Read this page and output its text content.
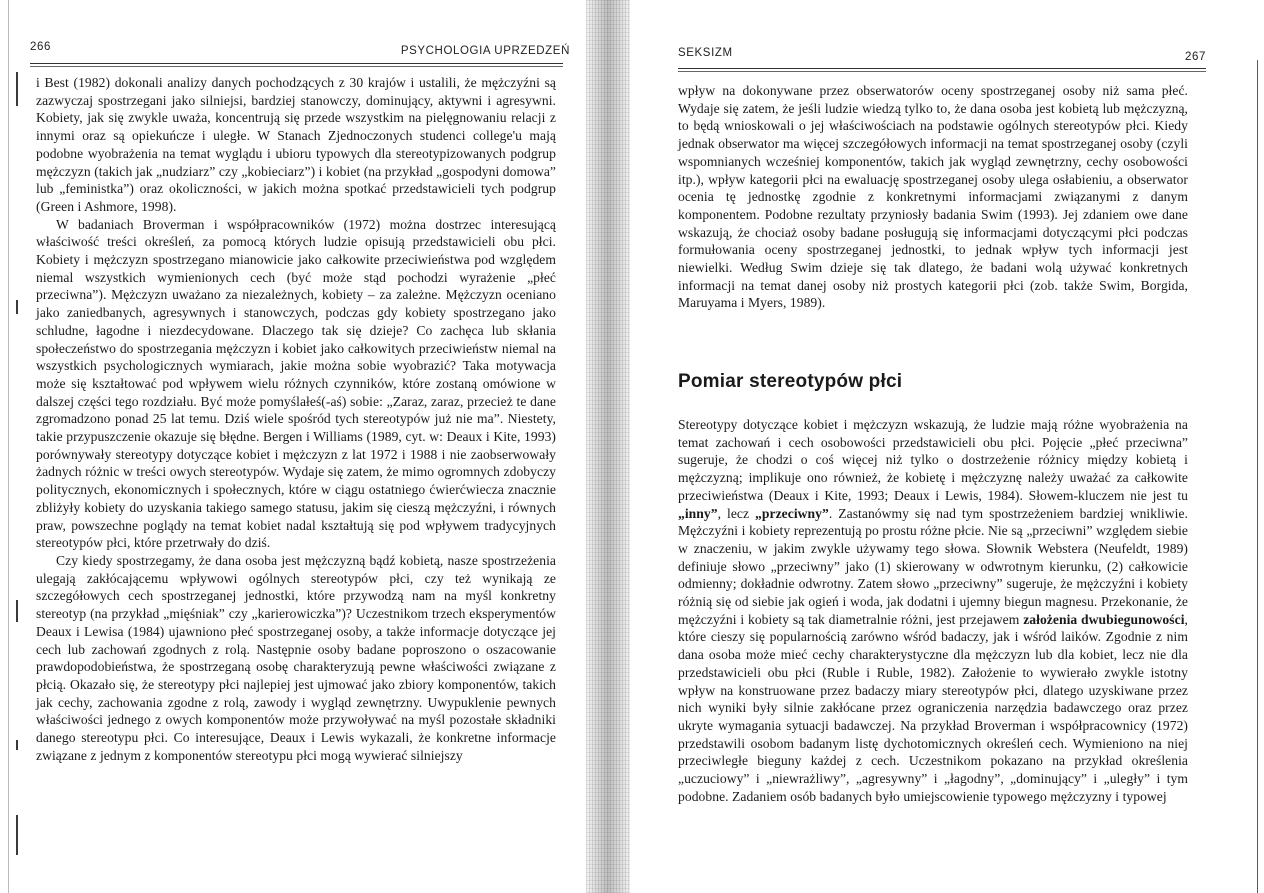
266	PSYCHOLOGIA UPRZEDZEŃ

i Best (1982) dokonali analizy danych pochodzących z 30 krajów i ustalili, że mężczyźni są zazwyczaj spostrzegani jako silniejsi, bardziej stanowczy, dominujący, aktywni i agresywni. Kobiety, jak się zwykle uważa, koncentrują się przede wszystkim na pielęgnowaniu relacji z innymi oraz są opiekuńcze i uległe. W Stanach Zjednoczonych studenci college'u mają podobne wyobrażenia na temat wyglądu i ubioru typowych dla stereotypizowanych podgrup mężczyzn (takich jak „nudziarz” czy „kobieciarz”) i kobiet (na przykład „gospodyni domowa” lub „feministka”) oraz okoliczności, w jakich można spotkać przedstawicieli tych podgrup (Green i Ashmore, 1998).

W badaniach Broverman i współpracowników (1972) można dostrzec interesującą właściwość treści określeń, za pomocą których ludzie opisują przedstawicieli obu płci. Kobiety i mężczyzn spostrzegano mianowicie jako całkowite przeciwieństwa pod względem niemal wszystkich wymienionych cech (być może stąd pochodzi wyrażenie „płeć przeciwna”). Mężczyzn uważano za niezależnych, kobiety – za zależne. Mężczyzn oceniano jako zaniedbanych, agresywnych i stanowczych, podczas gdy kobiety spostrzegano jako schludne, łagodne i niezdecydowane. Dlaczego tak się dzieje? Co zachęca lub skłania społeczeństwo do spostrzegania mężczyzn i kobiet jako całkowitych przeciwieństw niemal na wszystkich psychologicznych wymiarach, jakie można sobie wyobrazić? Taka motywacja może się kształtować pod wpływem wielu różnych czynników, które zostaną omówione w dalszej części tego rozdziału. Być może pomyślałeś(-aś) sobie: „Zaraz, zaraz, przecież te dane zgromadzono ponad 25 lat temu. Dziś wiele spośród tych stereotypów już nie ma”. Niestety, takie przypuszczenie okazuje się błędne. Bergen i Williams (1989, cyt. w: Deaux i Kite, 1993) porównywały stereotypy dotyczące kobiet i mężczyzn z lat 1972 i 1988 i nie zaobserwowały żadnych różnic w treści owych stereotypów. Wydaje się zatem, że mimo ogromnych zdobyczy politycznych, ekonomicznych i społecznych, które w ciągu ostatniego ćwierćwiecza znacznie zbliżyły kobiety do uzyskania takiego samego statusu, jakim się cieszą mężczyźni, i równych praw, powszechne poglądy na temat kobiet nadal kształtują się pod wpływem tradycyjnych stereotypów płci, które przetrwały do dziś.

Czy kiedy spostrzegamy, że dana osoba jest mężczyzną bądź kobietą, nasze spostrzeżenia ulegają zakłócającemu wpływowi ogólnych stereotypów płci, czy też wynikają ze szczegółowych cech spostrzeganej jednostki, które przywodzą nam na myśl konkretny stereotyp (na przykład „mięśniak” czy „karierowiczka”)? Uczestnikom trzech eksperymentów Deaux i Lewisa (1984) ujawniono płeć spostrzeganej osoby, a także informacje dotyczące jej cech lub zachowań zgodnych z rolą. Następnie osoby badane poproszono o oszacowanie prawdopodobieństwa, że spostrzeganą osobę charakteryzują pewne właściwości związane z płcią. Okazało się, że stereotypy płci najlepiej jest ujmować jako zbiory komponentów, takich jak cechy, zachowania zgodne z rolą, zawody i wygląd zewnętrzny. Uwypuklenie pewnych właściwości jednego z owych komponentów może przywoływać na myśl pozostałe składniki danego stereotypu płci. Co interesujące, Deaux i Lewis wykazali, że konkretne informacje związane z jednym z komponentów stereotypu płci mogą wywierać silniejszy

SEKSIZM	267

wpływ na dokonywane przez obserwatorów oceny spostrzeganej osoby niż sama płeć. Wydaje się zatem, że jeśli ludzie wiedzą tylko to, że dana osoba jest kobietą lub mężczyzną, to będą wnioskowali o jej właściwościach na podstawie ogólnych stereotypów płci. Kiedy jednak obserwator ma więcej szczegółowych informacji na temat spostrzeganej osoby (czyli wspomnianych wcześniej komponentów, takich jak wygląd zewnętrzny, cechy osobowości itp.), wpływ kategorii płci na ewaluację spostrzeganej osoby ulega osłabieniu, a obserwator ocenia tę jednostkę zgodnie z konkretnymi informacjami związanymi z danym komponentem. Podobne rezultaty przyniosły badania Swim (1993). Jej zdaniem owe dane wskazują, że chociaż osoby badane posługują się informacjami dotyczącymi płci podczas formułowania oceny spostrzeganej jednostki, to jednak wpływ tych informacji jest niewielki. Według Swim dzieje się tak dlatego, że badani wolą używać konkretnych informacji na temat danej osoby niż prostych kategorii płci (zob. także Swim, Borgida, Maruyama i Myers, 1989).

Pomiar stereotypów płci

Stereotypy dotyczące kobiet i mężczyzn wskazują, że ludzie mają różne wyobrażenia na temat zachowań i cech osobowości przedstawicieli obu płci. Pojęcie „płeć przeciwna” sugeruje, że chodzi o coś więcej niż tylko o dostrzeżenie różnicy między kobietą i mężczyzną; implikuje ono również, że kobietę i mężczyznę należy uważać za całkowite przeciwieństwa (Deaux i Kite, 1993; Deaux i Lewis, 1984). Słowem-kluczem nie jest tu „inny”, lecz „przeciwny”. Zastanówmy się nad tym spostrzeżeniem bardziej wnikliwie. Mężczyźni i kobiety reprezentują po prostu różne płcie. Nie są „przeciwni” względem siebie w znaczeniu, w jakim zwykle używamy tego słowa. Słownik Webstera (Neufeldt, 1989) definiuje słowo „przeciwny” jako (1) skierowany w odwrotnym kierunku, (2) całkowicie odmienny; dokładnie odwrotny. Zatem słowo „przeciwny” sugeruje, że mężczyźni i kobiety różnią się od siebie jak ogień i woda, jak dodatni i ujemny biegun magnesu. Przekonanie, że mężczyźni i kobiety są tak diametralnie różni, jest przejawem założenia dwubiegunowości, które cieszy się popularnością zarówno wśród badaczy, jak i wśród laików. Zgodnie z nim dana osoba może mieć cechy charakterystyczne dla mężczyzn lub dla kobiet, lecz nie dla przedstawicieli obu płci (Ruble i Ruble, 1982). Założenie to wywierało zwykle istotny wpływ na konstruowane przez badaczy miary stereotypów płci, dlatego uzyskiwane przez nich wyniki były silnie zakłócane przez ograniczenia narzędzia badawczego oraz przez ukryte wymagania sytuacji badawczej. Na przykład Broverman i współpracownicy (1972) przedstawili osobom badanym listę dychotomicznych określeń cech. Wymieniono na niej przeciwległe bieguny każdej z cech. Uczestnikom pokazano na przykład określenia „uczuciowy” i „niewrażliwy”, „agresywny” i „łagodny”, „dominujący” i „uległy” i tym podobne. Zadaniem osób badanych było umiejscowienie typowego mężczyzny i typowej
